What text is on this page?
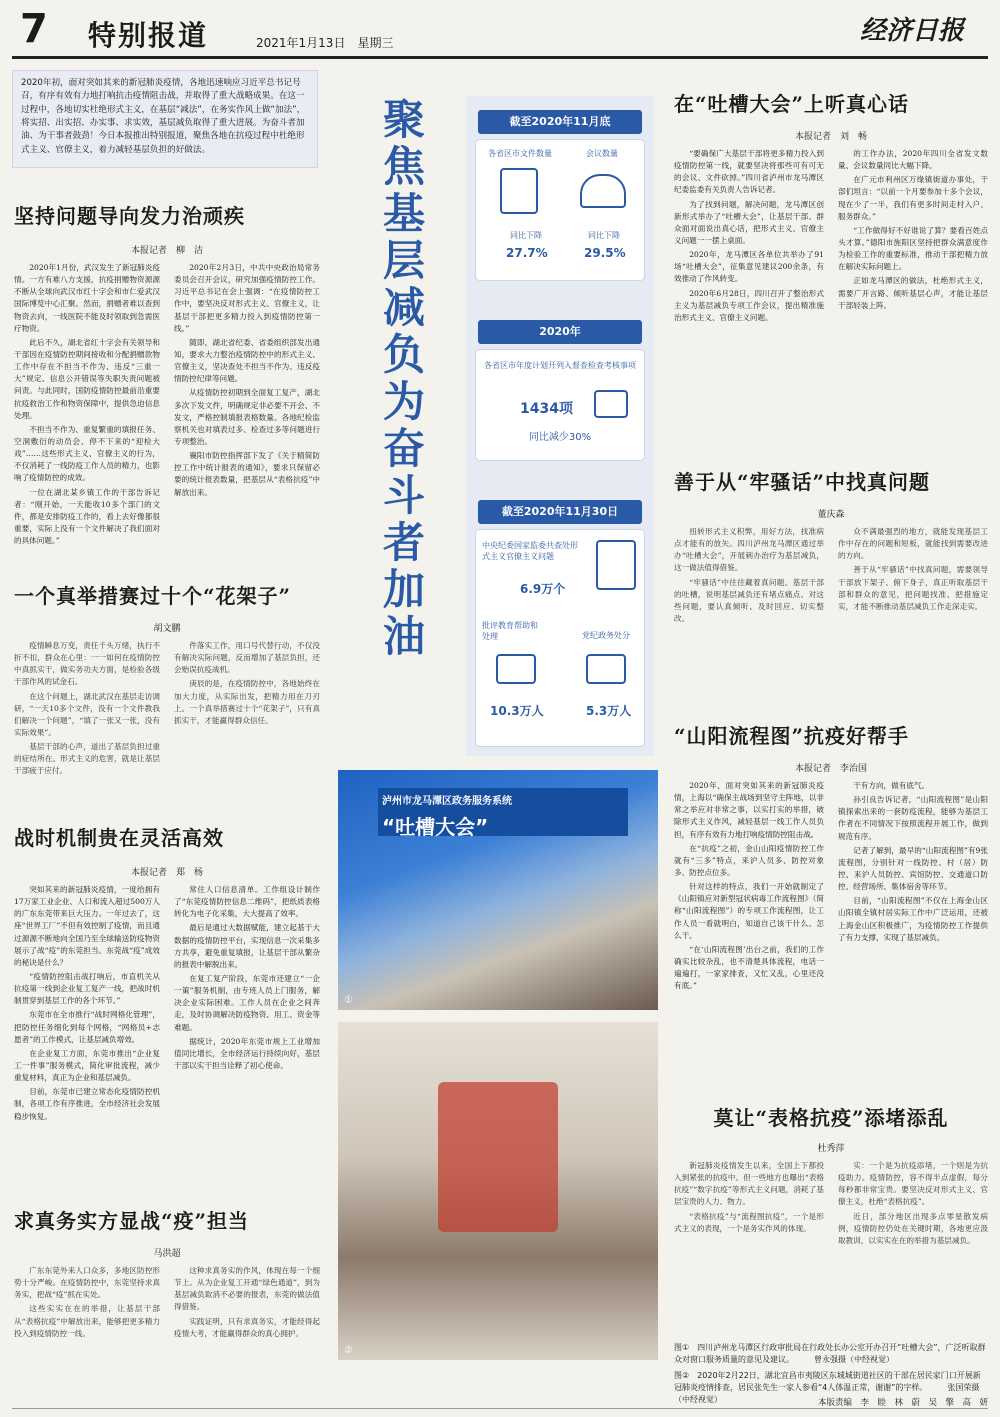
7 特别报道	2021年1月13日　星期三	经济日报
2020年初，面对突如其来的新冠肺炎疫情，各地迅速响应习近平总书记号召，有序有效有力地打响抗击疫情阻击战，并取得了重大战略成果。在这一过程中，各地切实杜绝形式主义，在基层“减法”，在务实作风上做“加法”，将实招、出实招、办实事、求实效，基层减负取得了重大进展。为奋斗者加油、为干事者鼓劲！今日本报推出特别报道，聚焦各地在抗疫过程中杜绝形式主义、官僚主义，着力减轻基层负担的好做法。
坚持问题导向发力治顽疾
本报记者　柳　洁

2020年1月份，武汉发生了新冠肺炎疫情。一方有难八方支援，抗疫捐赠物资源源不断从全球向武汉市红十字会和市仁爱武汉国际博览中心汇聚。然而，捐赠者难以查到物资去向，一线医院不能及时领取到急需医疗物资。

此后不久，湖北省红十字会有关领导和干部因在疫情防控期间接收和分配捐赠款物工作中存在不担当不作为、违反“三重一大”规定、信息公开错误等失职失责问题被问责。与此同时，国防疫情防控最前沿重要抗疫救治工作和物资保障中，提供急迫信息处理。

不担当不作为、重复繁重的填报任务、空洞敷衍的动员会、停不下来的“迎检大戏”……这些形式主义、官僚主义的行为，不仅消耗了一线防疫工作人员的精力，也影响了疫情防控的成效。

一位在湖北某乡镇工作的干部告诉记者：“刚开始，一天能收10多个部门的文件，都是安排防疫工作的，看上去好像都很重要，实际上没有一个文件解决了我们面对的具体问题。”

2020年2月3日，中共中央政治局常务委员会召开会议，研究加强疫情防控工作。习近平总书记在会上强调：“在疫情防控工作中，要坚决反对形式主义、官僚主义，让基层干部把更多精力投入到疫情防控第一线。”

随即，湖北省纪委、省委组织部发出通知，要求大力整治疫情防控中的形式主义、官僚主义，坚决查处不担当不作为、违反疫情防控纪律等问题。

从疫情防控初期到全面复工复产，湖北多次下发文件，明确规定非必要不开会、不发文，严格控制填报表格数量。各地纪检监察机关也对填表过多、检查过多等问题进行专项整治。

襄阳市防控指挥部下发了《关于精简防控工作中统计报表的通知》，要求只保留必要的统计报表数量，把基层从“表格抗疫”中解放出来。

一个真举措赛过十个“花架子”
胡文鹏

疫情瞬息万变，责任千头万绪，执行不折不扣，群众在心里：一一如何在疫情防控中真抓实干，做实务功夫方面，是检验各级干部作风的试金石。

在这个问题上，湖北武汉在基层走访调研，“一天10多个文件，没有一个文件教我们解决一个问题”，“填了一张又一张，没有实际效果”。

基层干部的心声，道出了基层负担过重的症结所在。形式主义的危害，就是让基层干部疲于应付。

件落实工作，用口号代替行动，不仅没有解决实际问题，反而增加了基层负担，还会贻误抗疫战机。

庚辰的是，在疫情防控中，各地始终在加大力度，从实际出发，把精力用在刀刃上。一个真举措赛过十个“花架子”，只有真抓实干，才能赢得群众信任。

战时机制贵在灵活高效
本报记者　郑　杨

突如其来的新冠肺炎疫情，一度给拥有17万家工业企业、人口和流入超过500万人的广东东莞带来巨大压力。一年过去了，这座“世界工厂”不但有效控制了疫情，而且通过源源不断地向全国乃至全球输送防疫物资展示了战“疫”的东莞担当。东莞战“疫”成效的秘诀是什么？

“疫情防控阻击战打响后，市直机关从抗疫第一线到企业复工复产一线，把战时机制贯穿到基层工作的各个环节。”

东莞市在全市推行“战时网格化管理”，把防控任务细化到每个网格，“网格员+志愿者”的工作模式，让基层减负增效。

在企业复工方面，东莞市推出“企业复工一件事”服务模式，简化审批流程，减少重复材料，真正为企业和基层减负。

目前，东莞市已建立常态化疫情防控机制，各项工作有序推进，全市经济社会发展稳步恢复。

常住人口信息清单。工作组设计制作了“东莞疫情防控信息二维码”，把纸质表格转化为电子化采集，大大提高了效率。

最后是通过大数据赋能，建立起基于大数据的疫情防控平台，实现信息一次采集多方共享，避免重复填报，让基层干部从繁杂的报表中解脱出来。

在复工复产阶段，东莞市还建立“一企一策”服务机制，由专班人员上门服务，解决企业实际困难。工作人员在企业之间奔走，及时协调解决防疫物资、用工、资金等难题。

据统计，2020年东莞市规上工业增加值同比增长，全市经济运行持续向好，基层干部以实干担当诠释了初心使命。

求真务实方显战“疫”担当
马洪超

广东东莞外来人口众多，多地区防控形势十分严峻。在疫情防控中，东莞坚持求真务实，把战“疫”抓在实处。

这些实实在在的举措，让基层干部从“表格抗疫”中解放出来，能够把更多精力投入到疫情防控一线。

这种求真务实的作风，体现在每一个细节上。从为企业复工开通“绿色通道”，到为基层减负取消不必要的报表，东莞的做法值得借鉴。

实践证明，只有求真务实，才能经得起疫情大考，才能赢得群众的真心拥护。

聚焦基层减负 为奋斗者加油
截至2020年11月底
各省区市文件数量	会议数量
同比下降	同比下降
27.7%	29.5%
2020年
各省区市年度计划开列入督查检查考核事项
1434项
同比减少30%
截至2020年11月30日
中央纪委国家监委共查处形式主义官僚主义问题
6.9万个
批评教育帮助和处理	党纪政务处分
10.3万人	5.3万人
泸州市龙马潭区政务服务系统
“吐槽大会”
①
②
在“吐槽大会”上听真心话
本报记者　刘　畅

“要确保广大基层干部将更多精力投入到疫情防控第一线，就要坚决将那些可有可无的会议、文件砍掉。”四川省泸州市龙马潭区纪委监委有关负责人告诉记者。

为了找到问题，解决问题，龙马潭区创新形式举办了“吐槽大会”，让基层干部、群众面对面说出真心话，把形式主义、官僚主义问题一一摆上桌面。

2020年，龙马潭区各单位共举办了91场“吐槽大会”，征集意见建议200余条，有效推动了作风转变。

2020年6月28日，四川召开了整治形式主义为基层减负专项工作会议，提出精准施治形式主义、官僚主义问题。

的工作办法，2020年四川全省发文数量、会议数量同比大幅下降。

在广元市利州区万缘镇街道办事处，干部们坦言：“以前一个月要参加十多个会议，现在少了一半，我们有更多时间走村入户、服务群众。”

“工作做得好不好谁说了算？要看百姓点头才算。”德阳市旌阳区坚持把群众满意度作为检验工作的重要标准，推动干部把精力放在解决实际问题上。

正如龙马潭区的做法，杜绝形式主义，需要广开言路、倾听基层心声，才能让基层干部轻装上阵。

善于从“牢骚话”中找真问题
董庆森

扭转形式主义积弊，用好方法，找准病点才能有的放矢。四川泸州龙马潭区通过举办“吐槽大会”，开展刺办治疗为基层减负，这一做法值得借鉴。

“牢骚话”中往往藏着真问题。基层干部的吐槽，说明基层减负还有堵点痛点。对这些问题，要认真倾听、及时回应、切实整改。

众不满最强烈的地方，就能发现基层工作中存在的问题和短板，就能找到需要改进的方向。

善于从“牢骚话”中找真问题，需要领导干部放下架子、俯下身子，真正听取基层干部和群众的意见，把问题找准、把措施定实，才能不断推动基层减负工作走深走实。

“山阳流程图”抗疫好帮手
本报记者　李治国

2020年，面对突如其来的新冠肺炎疫情，上海以“确保主战场到坚守主阵地，以非常之举应对非常之事，以实打实的举措，破除形式主义作风，减轻基层一线工作人员负担，有序有效有力地打响疫情防控阻击战。

在“抗疫”之初，金山山阳疫情防控工作就有“三多”特点，来沪人员多、防控对象多、防控点位多。

针对这样的特点，我们一开始就制定了《山阳镇应对新型冠状病毒工作流程图》（简称“山阳流程图”）的专项工作流程图，让工作人员一看就明白，知道自己该干什么、怎么干。

“在‘山阳流程图’出台之前，我们的工作确实比较杂乱，也不清楚具体流程，电话一遍遍打，一家家排查，又忙又乱，心里还没有底。”

干有方向，做有底气。

孙引良告诉记者，“山阳流程图”是山阳镇探索出来的一套防疫流程，能够为基层工作者在不同情况下按照流程开展工作，做到规范有序。

记者了解到，最早的“山阳流程图”有9张流程图，分别针对一线防控、村（居）防控、来沪人员防控、宾馆防控、交通道口防控、经营场所、集体宿舍等环节。

目前，“山阳流程图”不仅在上海金山区山阳镇全镇村居实际工作中广泛运用，还被上海金山区积极推广，为疫情防控工作提供了有力支撑，实现了基层减负。

莫让“表格抗疫”添堵添乱
杜秀萍

新冠肺炎疫情发生以来，全国上下都投入到紧张的抗疫中。但一些地方也曝出“表格抗疫”“数字抗疫”等形式主义问题，消耗了基层宝贵的人力、物力。

“表格抗疫”与“流程图抗疫”，一个是形式主义的表现，一个是务实作风的体现。

实：一个是为抗疫添堵，一个则是为抗疫助力。疫情防控，容不得半点虚假，每分每秒都非常宝贵。要坚决反对形式主义、官僚主义，杜绝“表格抗疫”。

近日，部分地区出现多点零星散发病例，疫情防控仍处在关键时期，各地更应汲取教训，以实实在在的举措为基层减负。

图①　四川泸州龙马潭区行政审批局在行政处长办公室开办召开“吐槽大会”，广泛听取群众对窗口服务质量的意见及建议。　　　曾永强摄（中经视觉）
图②　2020年2月22日，湖北宜昌市夷陵区东城城街道社区的干部在居民家门口开展新冠肺炎疫情排查，居民张先生一家人参看“4人体温正常，谢谢”的字样。　　　张国荣摄（中经视觉）	本版责编　李　睦　林　蔚　吴　擎　高　妍
